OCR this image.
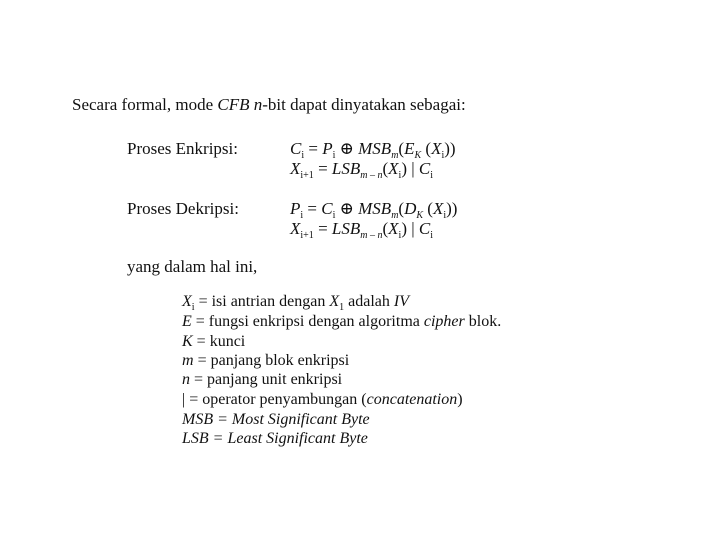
Secara formal, mode CFB n-bit dapat dinyatakan sebagai:
Proses Enkripsi:	$C_i = P_i$ ⊕ $MSB_m(E_K$ $(X_i)$)
$X_{i+1} = LSB_{m - n}(X_i)$ | $C_i$
Proses Dekripsi:	$P_i = C_i$ ⊕ $MSB_m(D_K$ $(X_i)$)
$X_{i+1} = LSB_{m - n}(X_i)$ | $C_i$
yang dalam hal ini,
$X_i$ = isi antrian dengan $X_1$ adalah IV
E = fungsi enkripsi dengan algoritma cipher blok.
K = kunci
m = panjang blok enkripsi
n = panjang unit enkripsi
| = operator penyambungan (concatenation)
MSB = Most Significant Byte
LSB = Least Significant Byte
